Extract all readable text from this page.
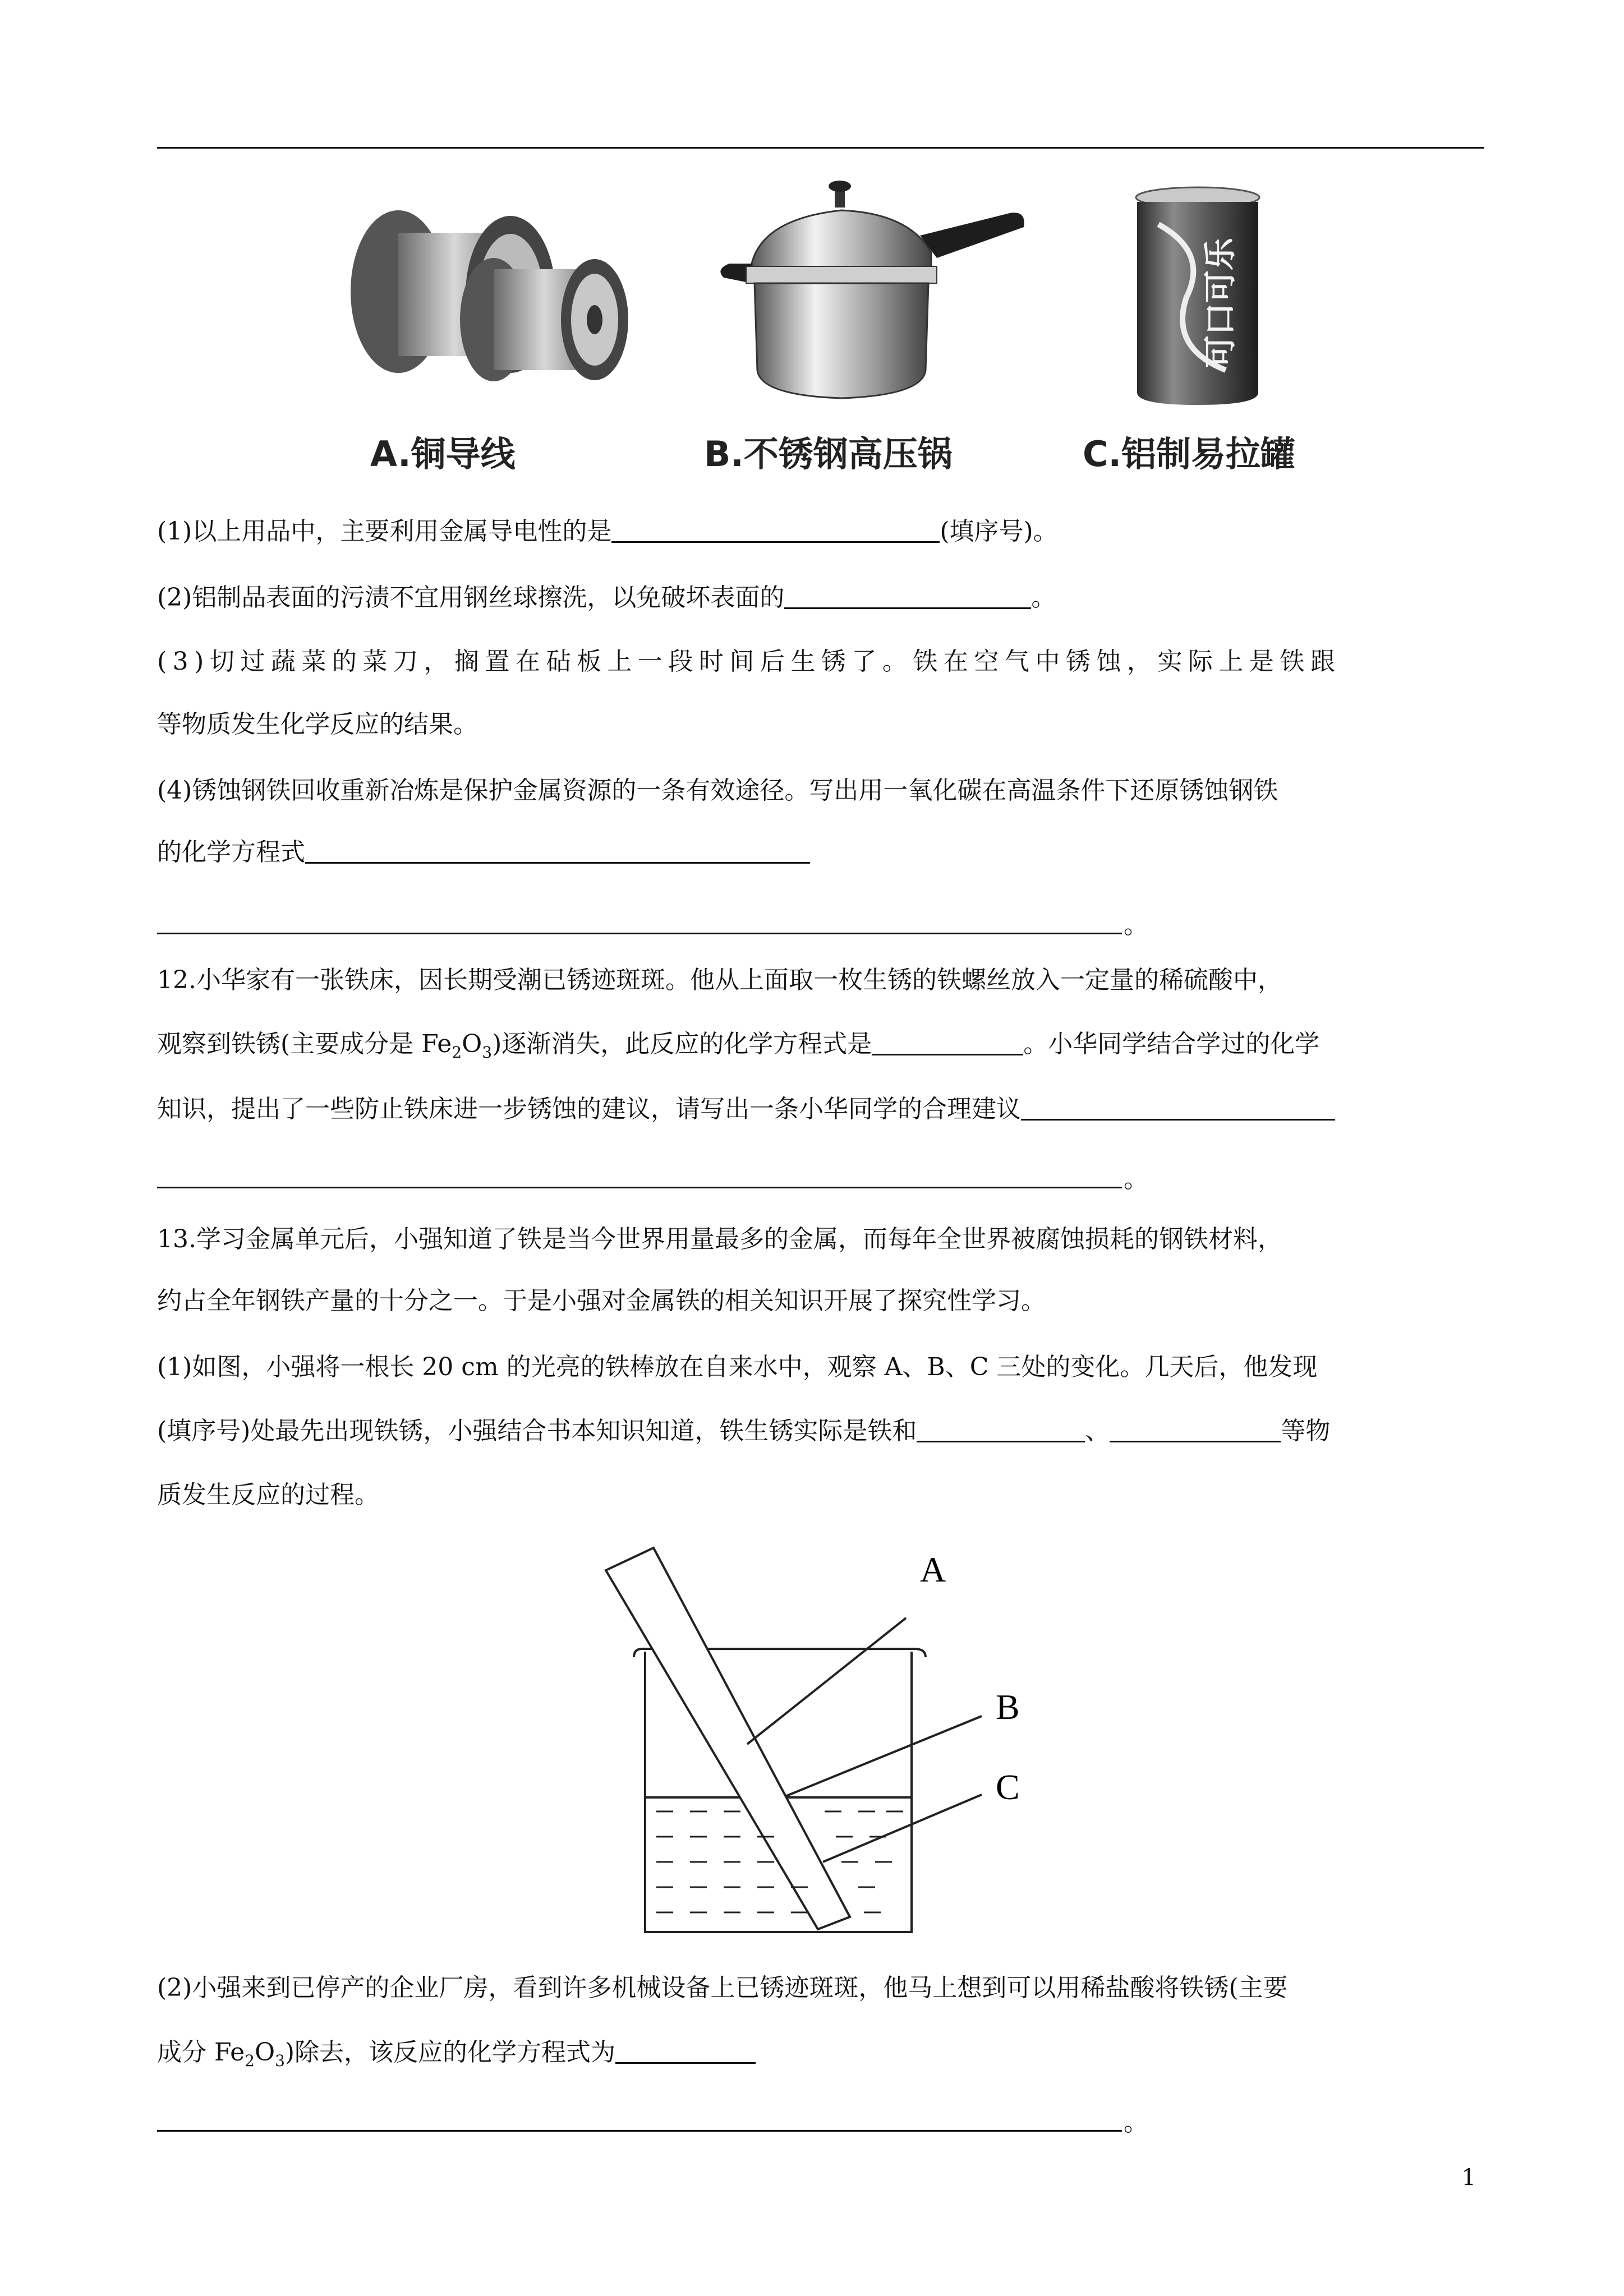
A.铜导线	B.不锈钢高压锅
可口可乐
C.铝制易拉罐
(1)以上用品中，主要利用金属导电性的是	(填序号)。
(2)铝制品表面的污渍不宜用钢丝球擦洗，以免破坏表面的	。
(3)切过蔬菜的菜刀，搁置在砧板上一段时间后生锈了。铁在空气中锈蚀，实际上是铁跟
等物质发生化学反应的结果。
(4)锈蚀钢铁回收重新冶炼是保护金属资源的一条有效途径。写出用一氧化碳在高温条件下还原锈蚀钢铁
的化学方程式
。
12.小华家有一张铁床，因长期受潮已锈迹斑斑。他从上面取一枚生锈的铁螺丝放入一定量的稀硫酸中，
观察到铁锈(主要成分是 $Fe_2O_3$)逐渐消失，此反应的化学方程式是	。小华同学结合学过的化学
知识，提出了一些防止铁床进一步锈蚀的建议，请写出一条小华同学的合理建议
。
13.学习金属单元后，小强知道了铁是当今世界用量最多的金属，而每年全世界被腐蚀损耗的钢铁材料，
约占全年钢铁产量的十分之一。于是小强对金属铁的相关知识开展了探究性学习。
(1)如图，小强将一根长 20 cm 的光亮的铁棒放在自来水中，观察 A、B、C 三处的变化。几天后，他发现
(填序号)处最先出现铁锈，小强结合书本知识知道，铁生锈实际是铁和	、	等物
质发生反应的过程。
A
B
C
(2)小强来到已停产的企业厂房，看到许多机械设备上已锈迹斑斑，他马上想到可以用稀盐酸将铁锈(主要
成分 $Fe_2O_3$)除去，该反应的化学方程式为
。
1
